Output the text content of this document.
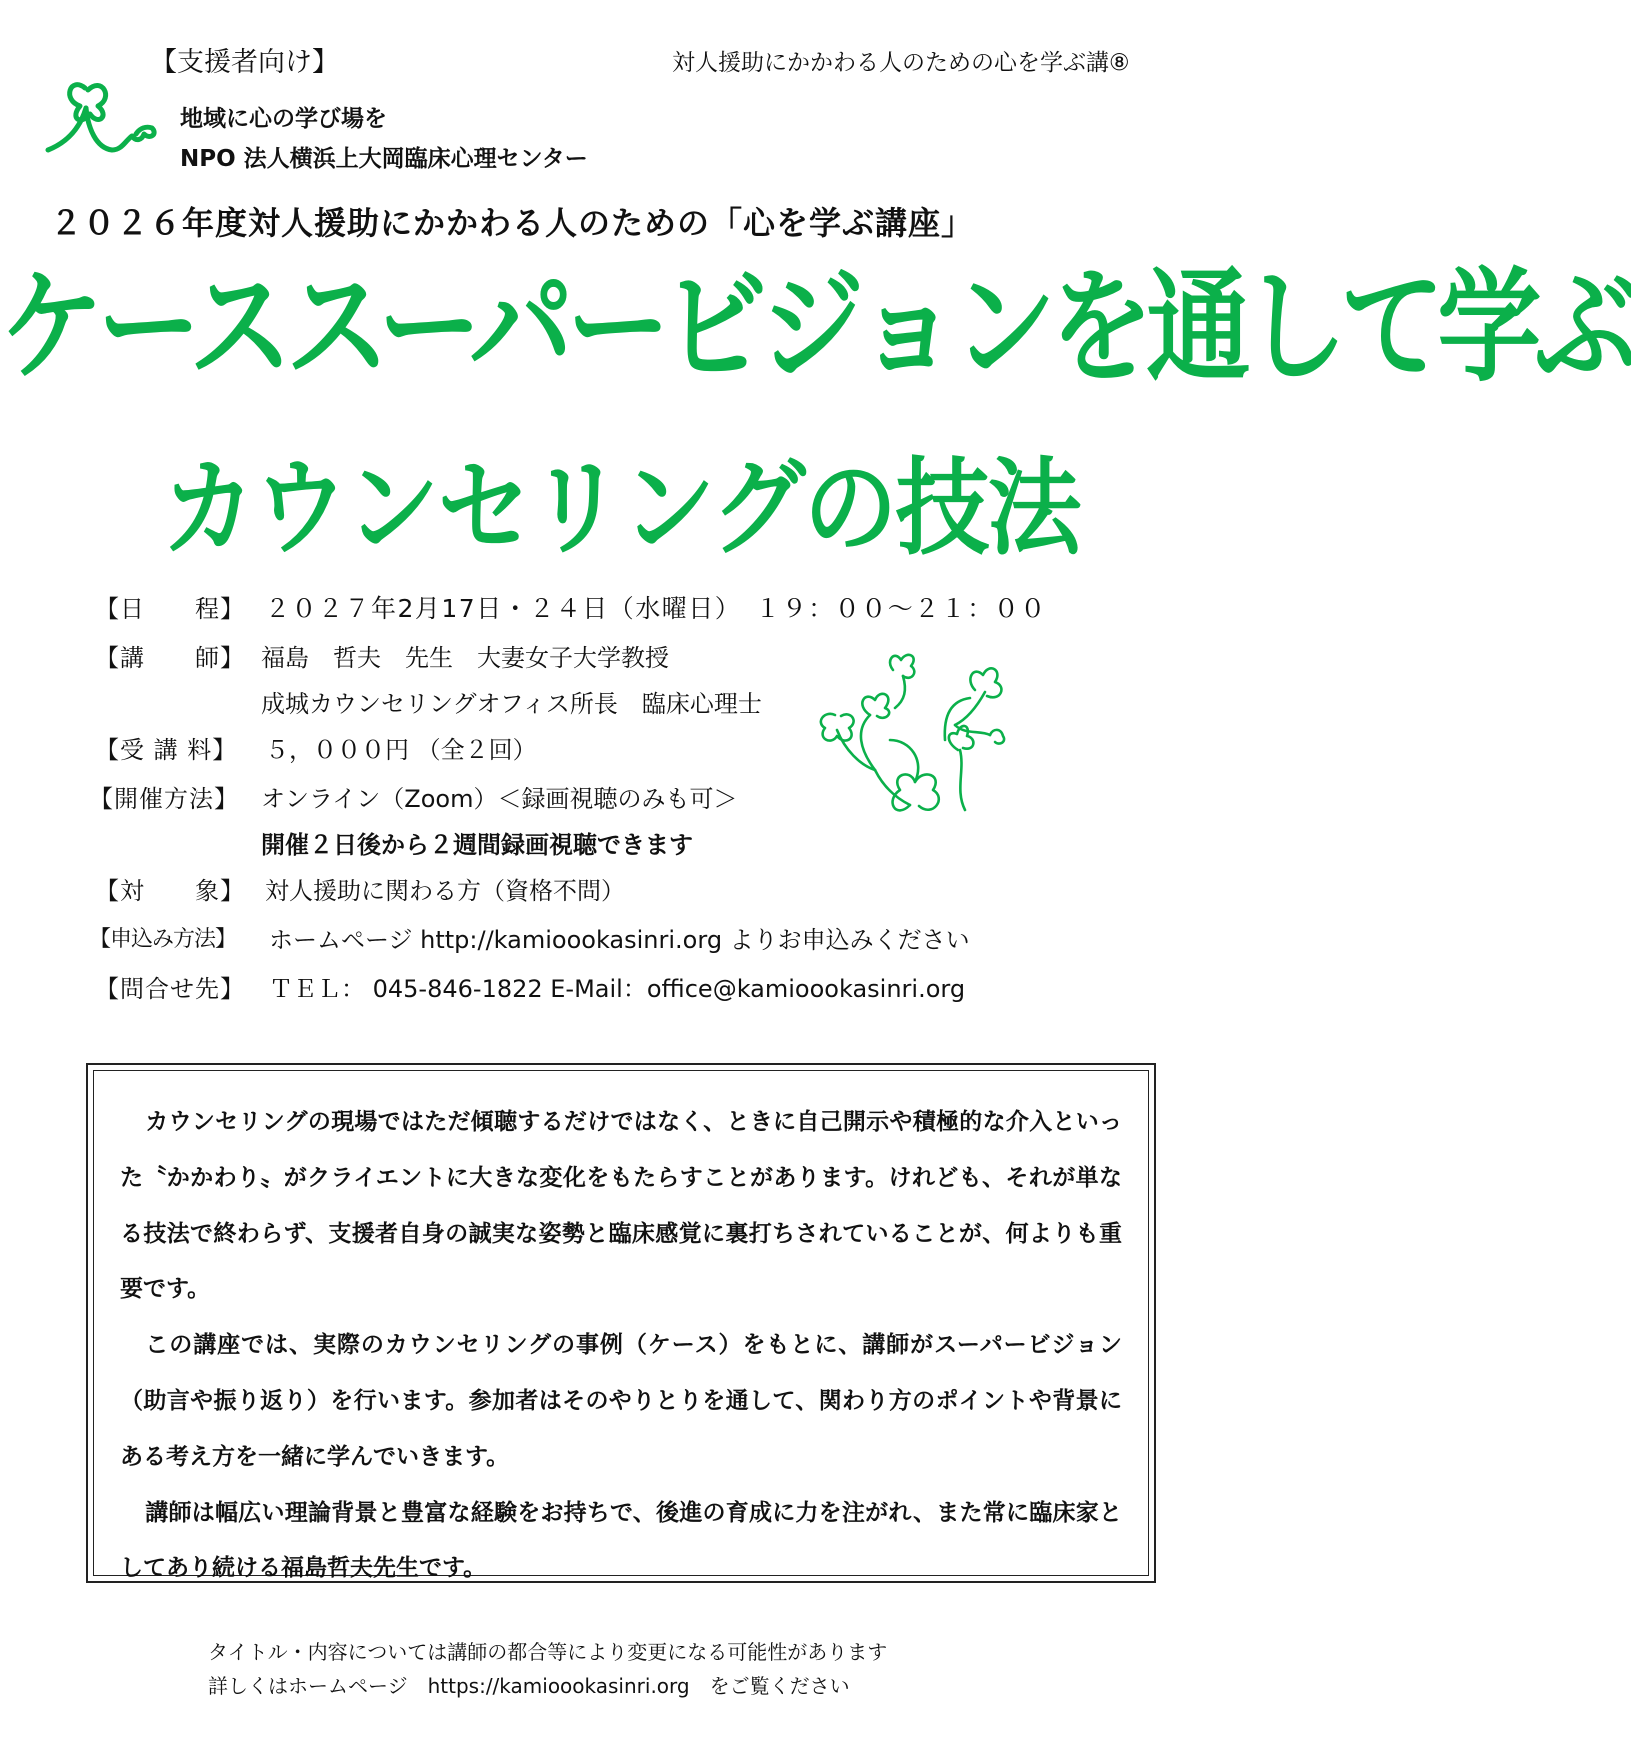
【支援者向け】	対人援助にかかわる人のための心を学ぶ講⑧
地域に心の学び場を
NPO 法人横浜上大岡臨床心理センター
２０２６年度対人援助にかかわる人のための「心を学ぶ講座」
ケーススーパービジョンを通して学ぶ
カウンセリングの技法
【日　　程】 ２０２７年2月17日・２４日（水曜日）　１９：００～２１：００
【講　　師】 福島　哲夫　先生　大妻女子大学教授
成城カウンセリングオフィス所長　臨床心理士
【受 講 料】 ５，０００円 （全２回）
【開催方法】 オンライン（Zoom）＜録画視聴のみも可＞
開催２日後から２週間録画視聴できます
【対　　象】 対人援助に関わる方（資格不問）
【申込み方法】 ホームページ http://kamioookasinri.org よりお申込みください
【問合せ先】 ＴＥＬ： 045-846-1822 E-Mail：office@kamioookasinri.org

カウンセリングの現場ではただ傾聴するだけではなく、ときに自己開示や積極的な介入といった〝かかわり〟がクライエントに大きな変化をもたらすことがあります。けれども、それが単なる技法で終わらず、支援者自身の誠実な姿勢と臨床感覚に裏打ちされていることが、何よりも重要です。

この講座では、実際のカウンセリングの事例（ケース）をもとに、講師がスーパービジョン（助言や振り返り）を行います。参加者はそのやりとりを通して、関わり方のポイントや背景にある考え方を一緒に学んでいきます。

講師は幅広い理論背景と豊富な経験をお持ちで、後進の育成に力を注がれ、また常に臨床家としてあり続ける福島哲夫先生です。

タイトル・内容については講師の都合等により変更になる可能性があります
詳しくはホームページ　https://kamioookasinri.org　をご覧ください
